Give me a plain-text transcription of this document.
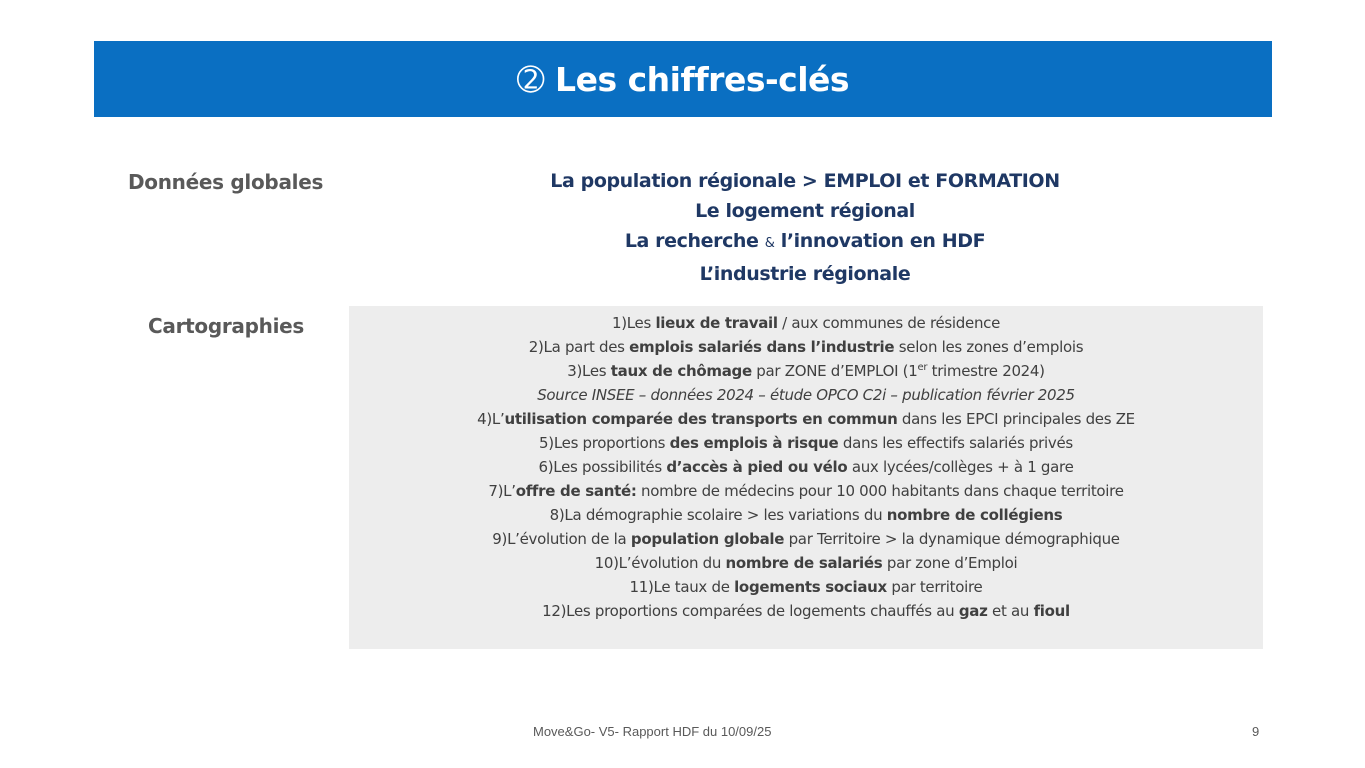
➁ Les chiffres-clés
Données globales	La population régionale > EMPLOI et FORMATION
Le logement régional
La recherche & l’innovation en HDF
L’industrie régionale
Cartographies	1)Les lieux de travail / aux communes de résidence
2)La part des emplois salariés dans l’industrie selon les zones d’emplois
3)Les taux de chômage par ZONE d’EMPLOI (1er trimestre 2024)
Source INSEE – données 2024 – étude OPCO C2i – publication février 2025
4)L’utilisation comparée des transports en commun dans les EPCI principales des ZE
5)Les proportions des emplois à risque dans les effectifs salariés privés
6)Les possibilités d’accès à pied ou vélo aux lycées/collèges + à 1 gare
7)L’offre de santé: nombre de médecins pour 10 000 habitants dans chaque territoire
8)La démographie scolaire > les variations du nombre de collégiens
9)L’évolution de la population globale par Territoire > la dynamique démographique
10)L’évolution du nombre de salariés par zone d’Emploi
11)Le taux de logements sociaux par territoire
12)Les proportions comparées de logements chauffés au gaz et au fioul
Move&Go- V5- Rapport HDF du 10/09/25	9
